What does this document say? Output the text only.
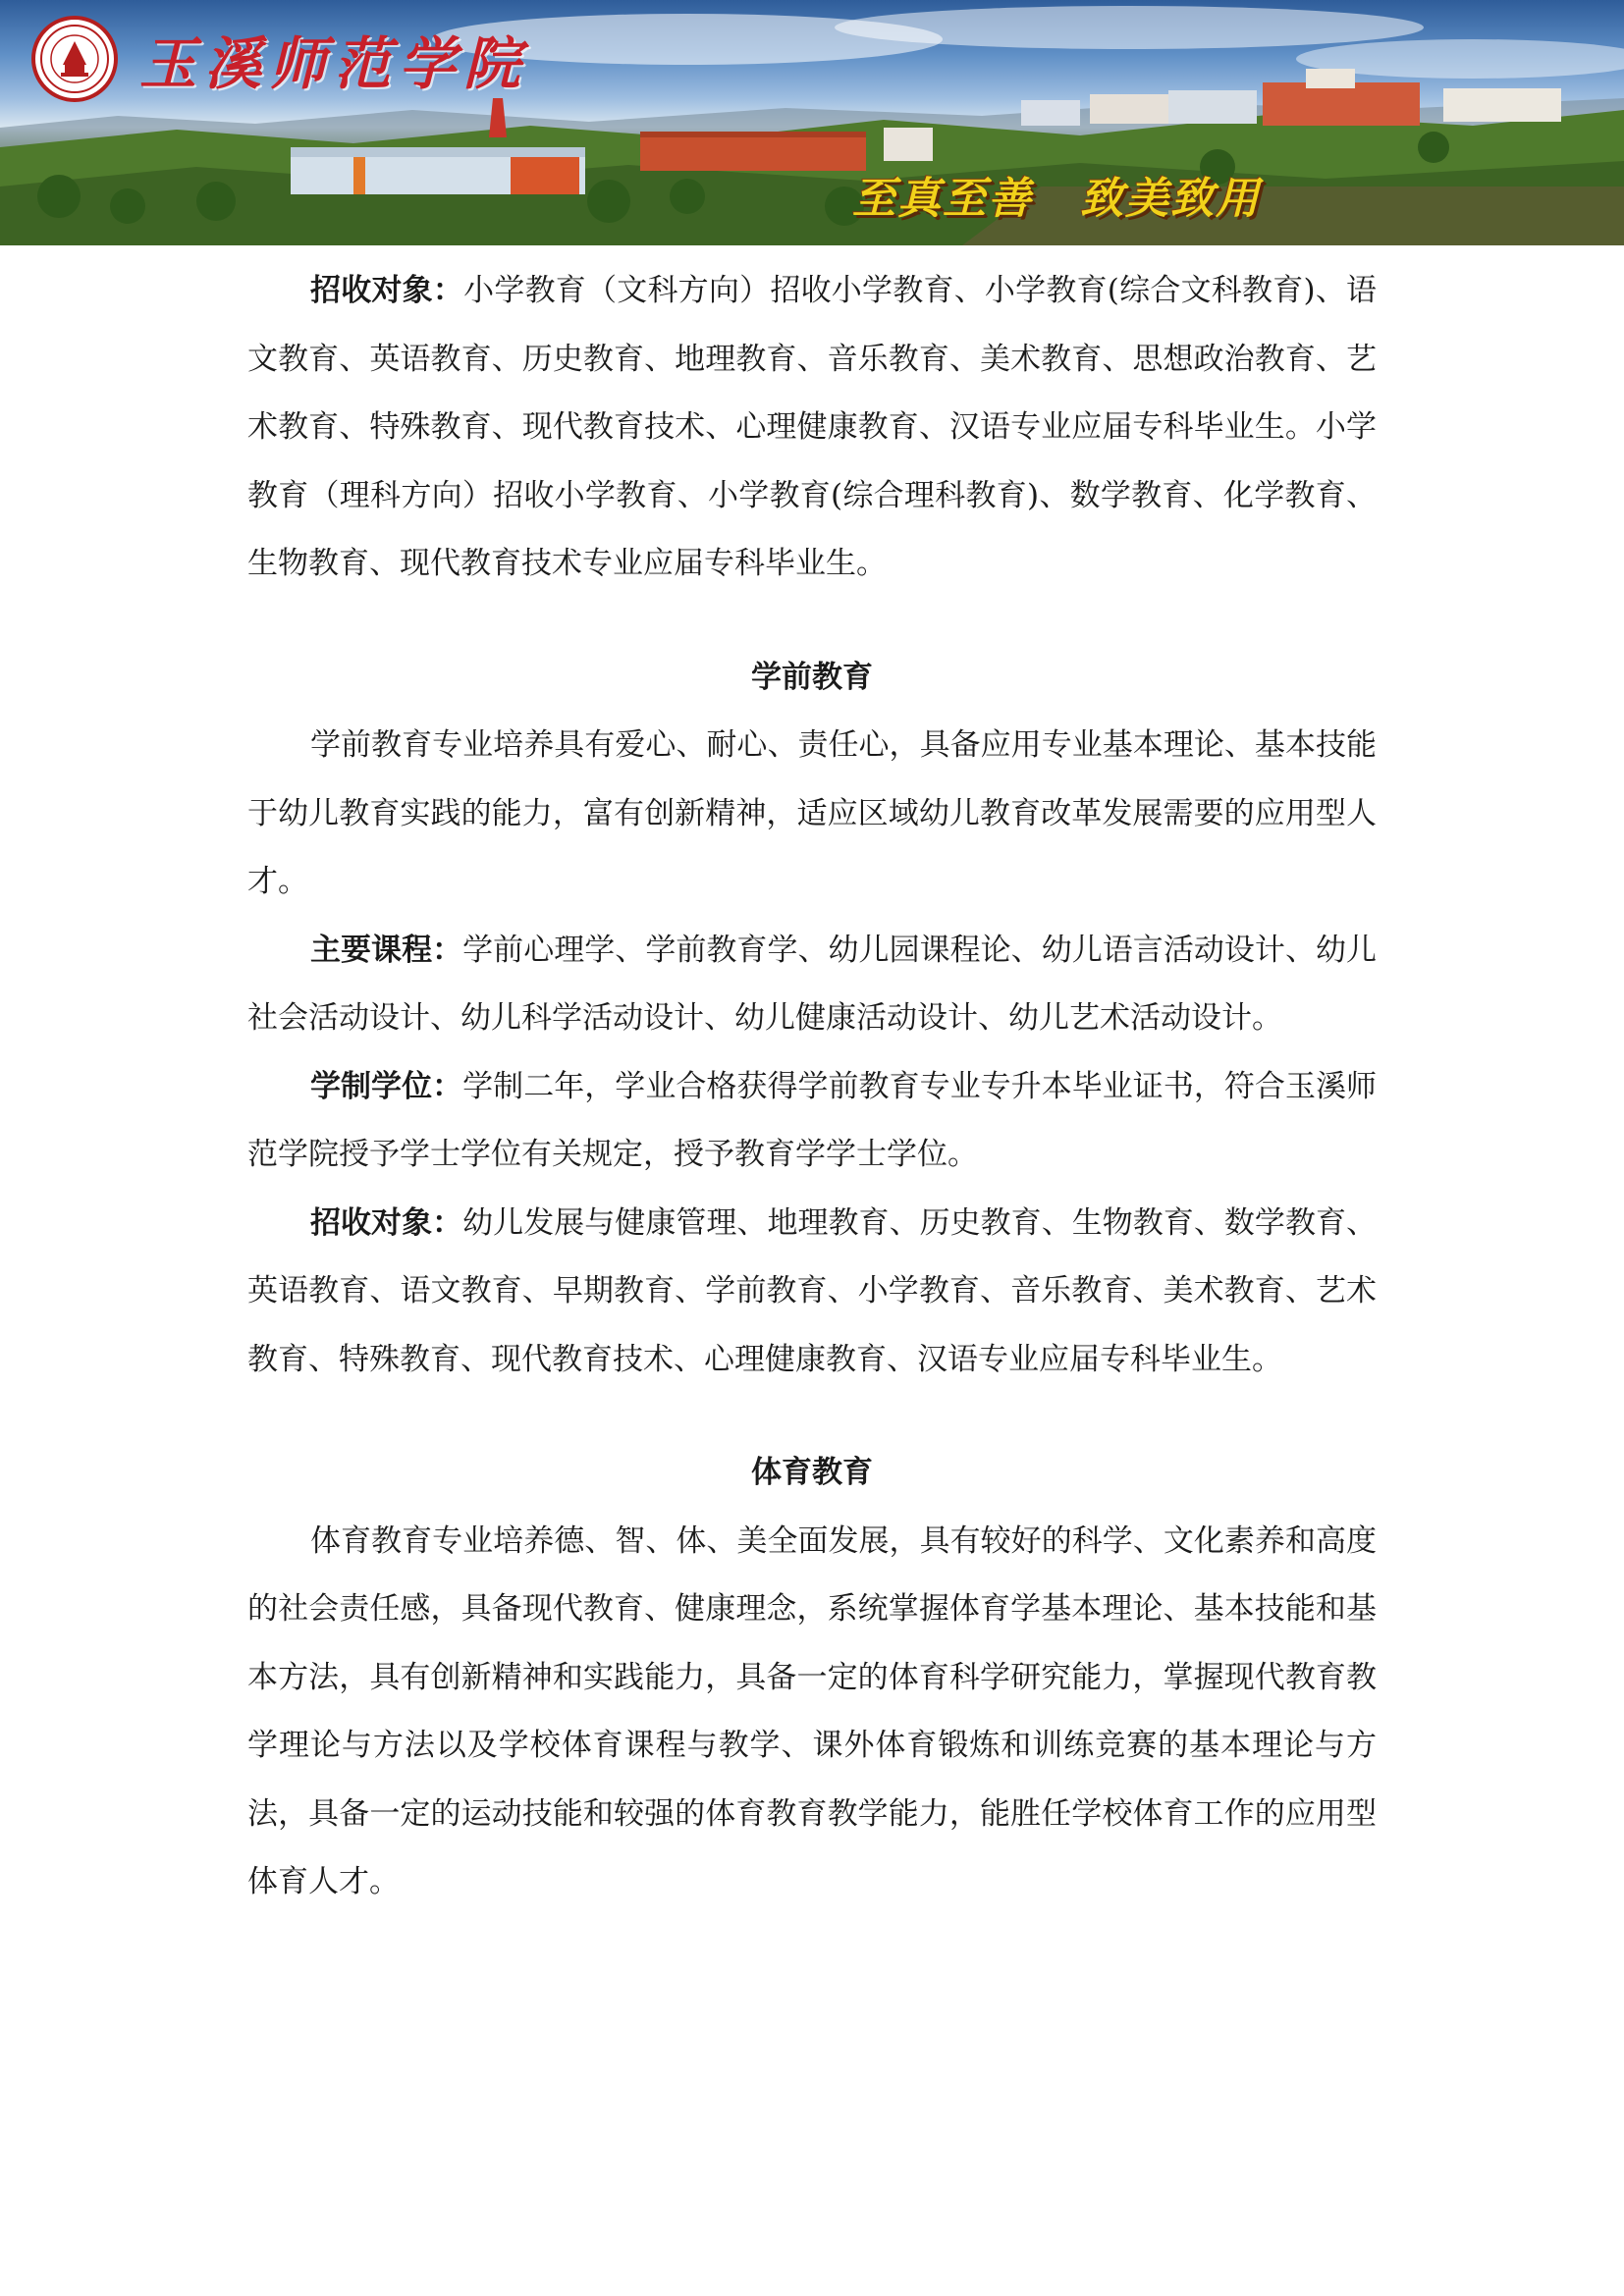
玉溪师范学院
至真至善 致美致用

招收对象：小学教育（文科方向）招收小学教育、小学教育(综合文科教育)、语文教育、英语教育、历史教育、地理教育、音乐教育、美术教育、思想政治教育、艺术教育、特殊教育、现代教育技术、心理健康教育、汉语专业应届专科毕业生。小学教育（理科方向）招收小学教育、小学教育(综合理科教育)、数学教育、化学教育、生物教育、现代教育技术专业应届专科毕业生。

学前教育

学前教育专业培养具有爱心、耐心、责任心，具备应用专业基本理论、基本技能于幼儿教育实践的能力，富有创新精神，适应区域幼儿教育改革发展需要的应用型人才。

主要课程：学前心理学、学前教育学、幼儿园课程论、幼儿语言活动设计、幼儿社会活动设计、幼儿科学活动设计、幼儿健康活动设计、幼儿艺术活动设计。

学制学位：学制二年，学业合格获得学前教育专业专升本毕业证书，符合玉溪师范学院授予学士学位有关规定，授予教育学学士学位。

招收对象：幼儿发展与健康管理、地理教育、历史教育、生物教育、数学教育、英语教育、语文教育、早期教育、学前教育、小学教育、音乐教育、美术教育、艺术教育、特殊教育、现代教育技术、心理健康教育、汉语专业应届专科毕业生。

体育教育

体育教育专业培养德、智、体、美全面发展，具有较好的科学、文化素养和高度的社会责任感，具备现代教育、健康理念，系统掌握体育学基本理论、基本技能和基本方法，具有创新精神和实践能力，具备一定的体育科学研究能力，掌握现代教育教学理论与方法以及学校体育课程与教学、课外体育锻炼和训练竞赛的基本理论与方法，具备一定的运动技能和较强的体育教育教学能力，能胜任学校体育工作的应用型体育人才。
